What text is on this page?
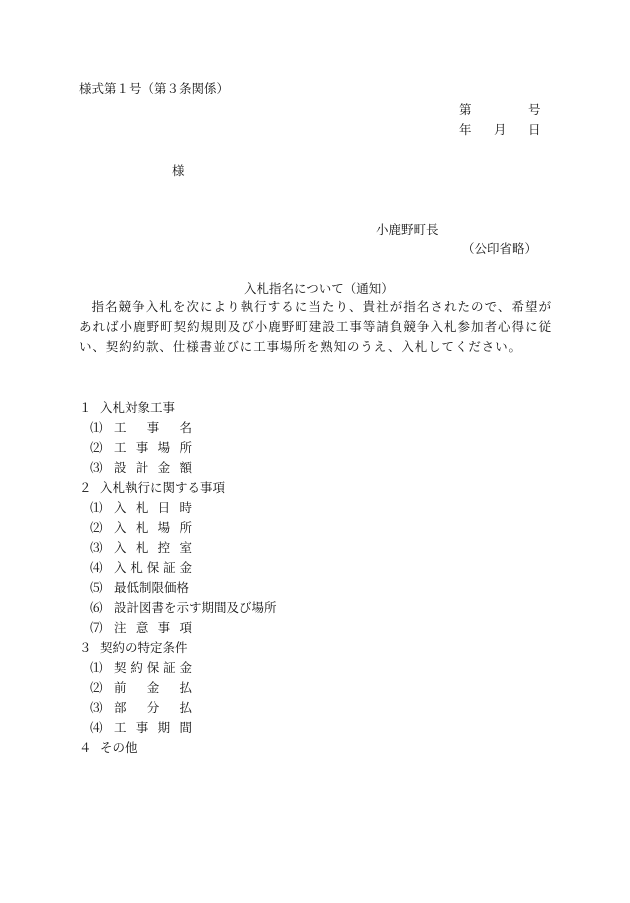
様式第１号（第３条関係）
第	号
年 月 日
様
小鹿野町長
（公印省略）
入札指名について（通知）
指名競争入札を次により執行するに当たり、貴社が指名されたので、希望があれば小鹿野町契約規則及び小鹿野町建設工事等請負競争入札参加者心得に従い、契約約款、仕様書並びに工事場所を熟知のうえ、入札してください。
１ 入札対象工事
⑴ 工 事 名
⑵ 工 事 場 所
⑶ 設 計 金 額
２ 入札執行に関する事項
⑴ 入 札 日 時
⑵ 入 札 場 所
⑶ 入 札 控 室
⑷ 入 札 保 証 金
⑸ 最低制限価格
⑹ 設計図書を示す期間及び場所
⑺ 注 意 事 項
３ 契約の特定条件
⑴ 契 約 保 証 金
⑵ 前 金 払
⑶ 部 分 払
⑷ 工 事 期 間
４ その他
